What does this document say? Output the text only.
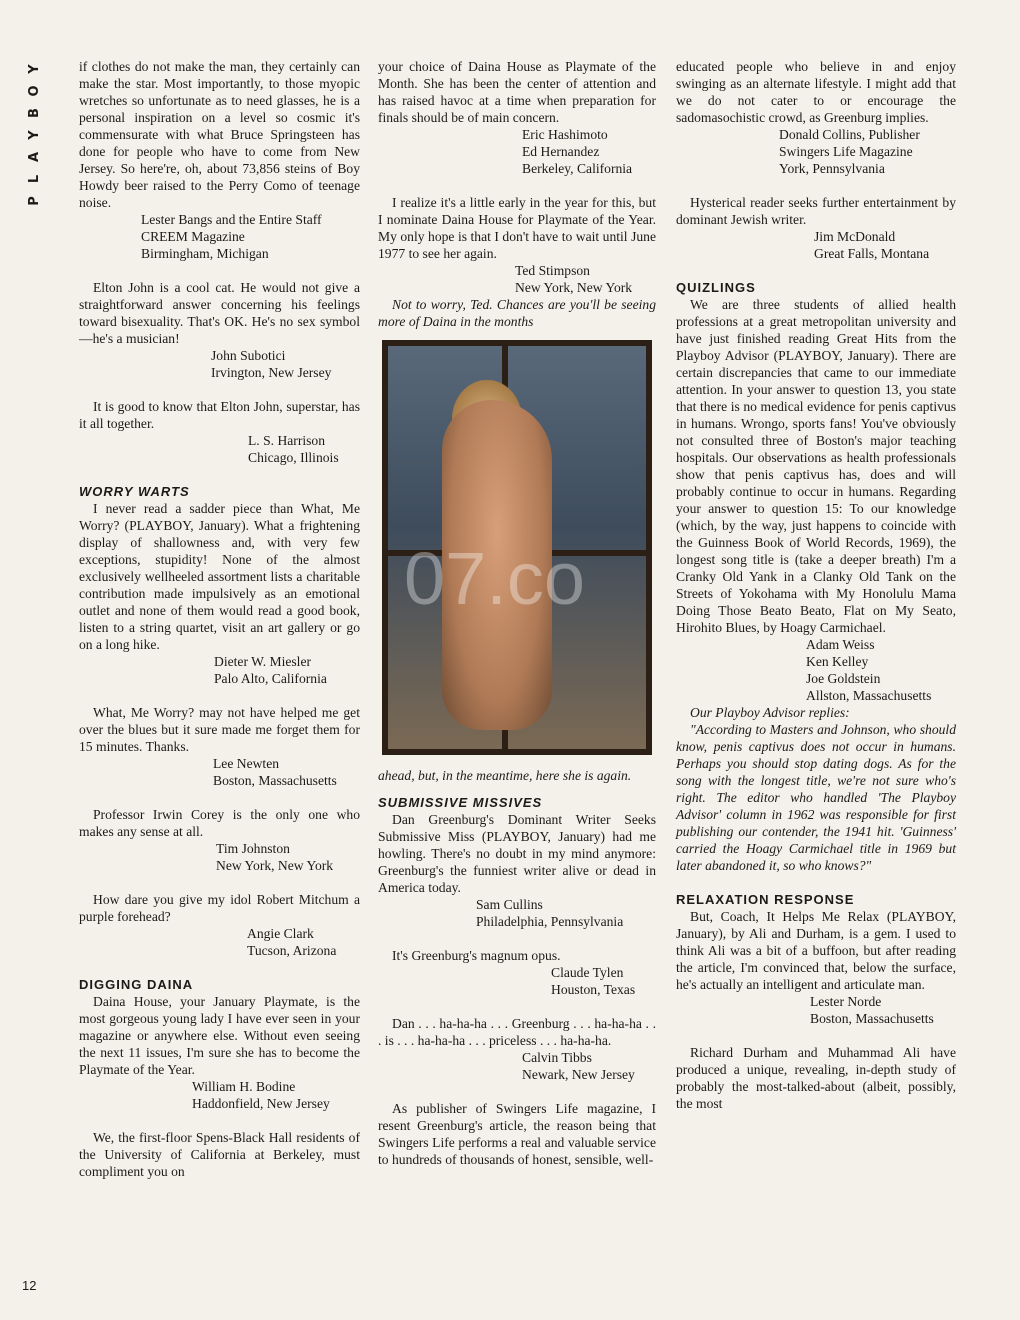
Y
O
B
Y
A
L
P
12

if clothes do not make the man, they certainly can make the star. Most importantly, to those myopic wretches so unfortunate as to need glasses, he is a personal inspiration on a level so cosmic it's commensurate with what Bruce Springsteen has done for people who have to come from New Jersey. So here're, oh, about 73,856 steins of Boy Howdy beer raised to the Perry Como of teenage noise.

Lester Bangs and the Entire Staff
CREEM Magazine
Birmingham, Michigan

Elton John is a cool cat. He would not give a straightforward answer concerning his feelings toward bisexuality. That's OK. He's no sex symbol—he's a musician!

John Subotici
Irvington, New Jersey

It is good to know that Elton John, superstar, has it all together.

L. S. Harrison
Chicago, Illinois
WORRY WARTS

I never read a sadder piece than What, Me Worry? (PLAYBOY, January). What a frightening display of shallowness and, with very few exceptions, stupidity! None of the almost exclusively wellheeled assortment lists a charitable contribution made impulsively as an emotional outlet and none of them would read a good book, listen to a string quartet, visit an art gallery or go on a long hike.

Dieter W. Miesler
Palo Alto, California

What, Me Worry? may not have helped me get over the blues but it sure made me forget them for 15 minutes. Thanks.

Lee Newten
Boston, Massachusetts

Professor Irwin Corey is the only one who makes any sense at all.

Tim Johnston
New York, New York

How dare you give my idol Robert Mitchum a purple forehead?

Angie Clark
Tucson, Arizona
DIGGING DAINA

Daina House, your January Playmate, is the most gorgeous young lady I have ever seen in your magazine or anywhere else. Without even seeing the next 11 issues, I'm sure she has to become the Playmate of the Year.

William H. Bodine
Haddonfield, New Jersey

We, the first-floor Spens-Black Hall residents of the University of California at Berkeley, must compliment you on

your choice of Daina House as Playmate of the Month. She has been the center of attention and has raised havoc at a time when preparation for finals should be of main concern.

Eric Hashimoto
Ed Hernandez
Berkeley, California

I realize it's a little early in the year for this, but I nominate Daina House for Playmate of the Year. My only hope is that I don't have to wait until June 1977 to see her again.

Ted Stimpson
New York, New York

Not to worry, Ted. Chances are you'll be seeing more of Daina in the months

07.co

ahead, but, in the meantime, here she is again.

SUBMISSIVE MISSIVES

Dan Greenburg's Dominant Writer Seeks Submissive Miss (PLAYBOY, January) had me howling. There's no doubt in my mind anymore: Greenburg's the funniest writer alive or dead in America today.

Sam Cullins
Philadelphia, Pennsylvania

It's Greenburg's magnum opus.

Claude Tylen
Houston, Texas

Dan . . . ha-ha-ha . . . Greenburg . . . ha-ha-ha . . . is . . . ha-ha-ha . . . priceless . . . ha-ha-ha.

Calvin Tibbs
Newark, New Jersey

As publisher of Swingers Life magazine, I resent Greenburg's article, the reason being that Swingers Life performs a real and valuable service to hundreds of thousands of honest, sensible, well-

educated people who believe in and enjoy swinging as an alternate lifestyle. I might add that we do not cater to or encourage the sadomasochistic crowd, as Greenburg implies.

Donald Collins, Publisher
Swingers Life Magazine
York, Pennsylvania

Hysterical reader seeks further entertainment by dominant Jewish writer.

Jim McDonald
Great Falls, Montana
QUIZLINGS

We are three students of allied health professions at a great metropolitan university and have just finished reading Great Hits from the Playboy Advisor (PLAYBOY, January). There are certain discrepancies that came to our immediate attention. In your answer to question 13, you state that there is no medical evidence for penis captivus in humans. Wrongo, sports fans! You've obviously not consulted three of Boston's major teaching hospitals. Our observations as health professionals show that penis captivus has, does and will probably continue to occur in humans. Regarding your answer to question 15: To our knowledge (which, by the way, just happens to coincide with the Guinness Book of World Records, 1969), the longest song title is (take a deeper breath) I'm a Cranky Old Yank in a Clanky Old Tank on the Streets of Yokohama with My Honolulu Mama Doing Those Beato Beato, Flat on My Seato, Hirohito Blues, by Hoagy Carmichael.

Adam Weiss
Ken Kelley
Joe Goldstein
Allston, Massachusetts

Our Playboy Advisor replies:

"According to Masters and Johnson, who should know, penis captivus does not occur in humans. Perhaps you should stop dating dogs. As for the song with the longest title, we're not sure who's right. The editor who handled 'The Playboy Advisor' column in 1962 was responsible for first publishing our contender, the 1941 hit. 'Guinness' carried the Hoagy Carmichael title in 1969 but later abandoned it, so who knows?"

RELAXATION RESPONSE

But, Coach, It Helps Me Relax (PLAYBOY, January), by Ali and Durham, is a gem. I used to think Ali was a bit of a buffoon, but after reading the article, I'm convinced that, below the surface, he's actually an intelligent and articulate man.

Lester Norde
Boston, Massachusetts

Richard Durham and Muhammad Ali have produced a unique, revealing, in-depth study of probably the most-talked-about (albeit, possibly, the most
